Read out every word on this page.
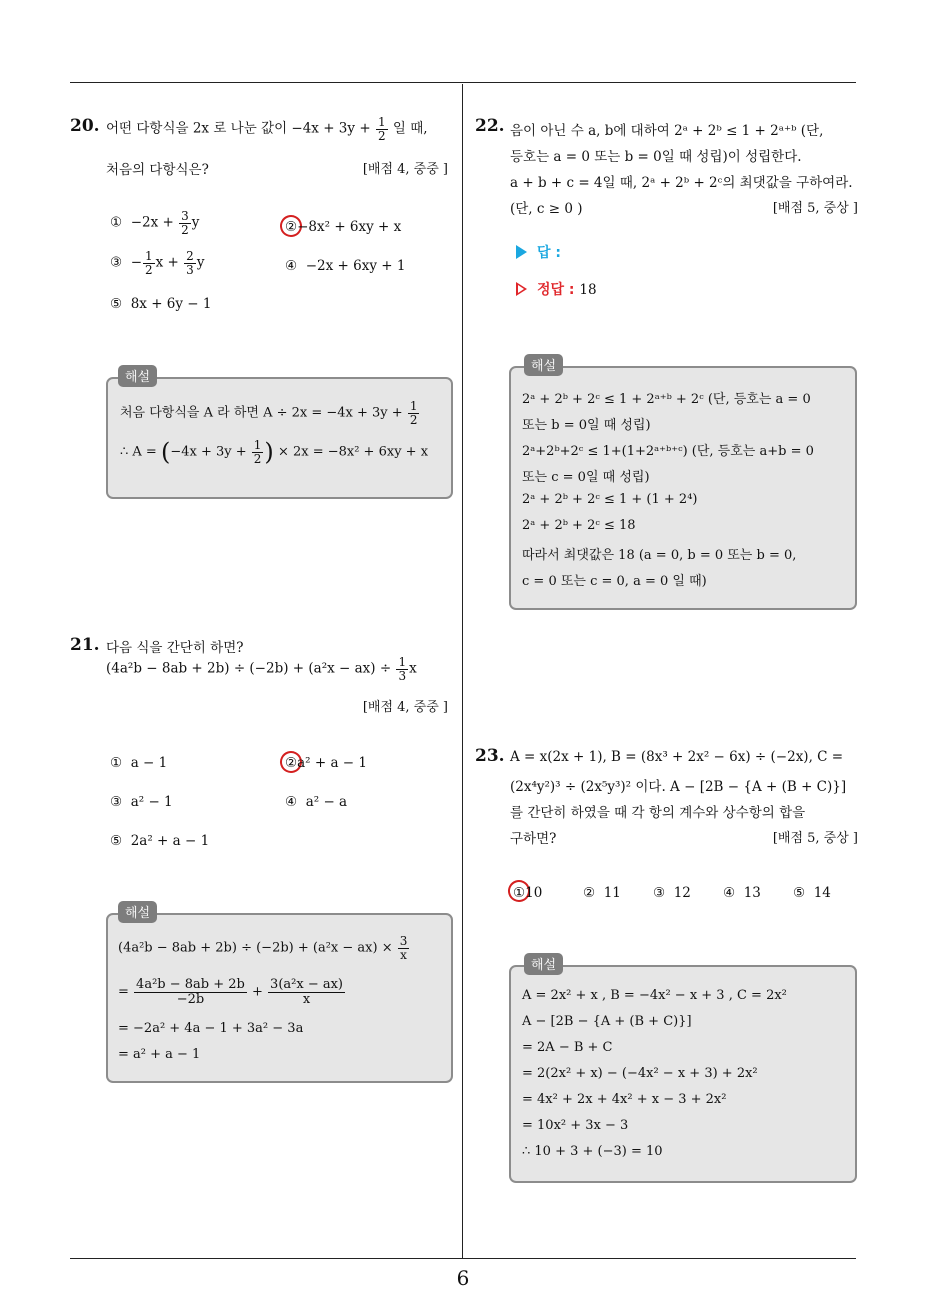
6
20. 어떤 다항식을 2x 로 나눈 값이 $-4x + 3y + \frac{1}{2}$ 일 때,
처음의 다항식은?	[배점 4, 중중 ]
① $-2x + \frac{3}{2}$ y	②−8x² + 6xy + x
③ − $\frac{1}{2}$ $x + \frac{2}{3}$ y	④ −2x + 6xy + 1
⑤ 8x + 6y − 1
해설
처음 다항식을 A 라 하면 $A \div 2x = -4x + 3y + \frac{1}{2}$
∴ $A = (-4x + 3y + \frac{1}{2}$ ) × 2x = −8x² + 6xy + x
21. 다음 식을 간단히 하면?
$(4a^2b - 8ab + 2b) \div (-2b) + (a^2x - ax) \div \frac{1}{3}$ x
[배점 4, 중중 ]
① a − 1	②a² + a − 1
③ a² − 1	④ a² − a
⑤ 2a² + a − 1
해설
$(4a^2b - 8ab + 2b) \div (-2b) + (a^2x - ax) \times \frac{3}{x}$
= $\frac{\text{4a²b − 8ab + 2b}}{-2b} + \frac{\text{3(a²x − ax)}}{x}$
= −2a² + 4a − 1 + 3a² − 3a
= a² + a − 1
22. 음이 아닌 수 a, b에 대하여 2ᵃ + 2ᵇ ≤ 1 + 2ᵃ⁺ᵇ (단,
등호는 a = 0 또는 b = 0일 때 성립)이 성립한다.
a + b + c = 4일 때, 2ᵃ + 2ᵇ + 2ᶜ의 최댓값을 구하여라.
(단, c ≥ 0 )	[배점 5, 중상 ]
답 :
정답 : 18
해설
2ᵃ + 2ᵇ + 2ᶜ ≤ 1 + 2ᵃ⁺ᵇ + 2ᶜ (단, 등호는 a = 0
또는 b = 0일 때 성립)
2ᵃ+2ᵇ+2ᶜ ≤ 1+(1+2ᵃ⁺ᵇ⁺ᶜ) (단, 등호는 a+b = 0
또는 c = 0일 때 성립)
2ᵃ + 2ᵇ + 2ᶜ ≤ 1 + (1 + 2⁴)
2ᵃ + 2ᵇ + 2ᶜ ≤ 18
따라서 최댓값은 18 (a = 0, b = 0 또는 b = 0,
c = 0 또는 c = 0, a = 0 일 때)
23. A = x(2x + 1), B = (8x³ + 2x² − 6x) ÷ (−2x), C =
(2x⁴y²)³ ÷ (2x⁵y³)² 이다. A − [2B − {A + (B + C)}]
를 간단히 하였을 때 각 항의 계수와 상수항의 합을
구하면?	[배점 5, 중상 ]
①10	② 11 ③ 12 ④ 13 ⑤ 14
해설
A = 2x² + x , B = −4x² − x + 3 , C = 2x²
A − [2B − {A + (B + C)}]
= 2A − B + C
= 2(2x² + x) − (−4x² − x + 3) + 2x²
= 4x² + 2x + 4x² + x − 3 + 2x²
= 10x² + 3x − 3
∴ 10 + 3 + (−3) = 10
